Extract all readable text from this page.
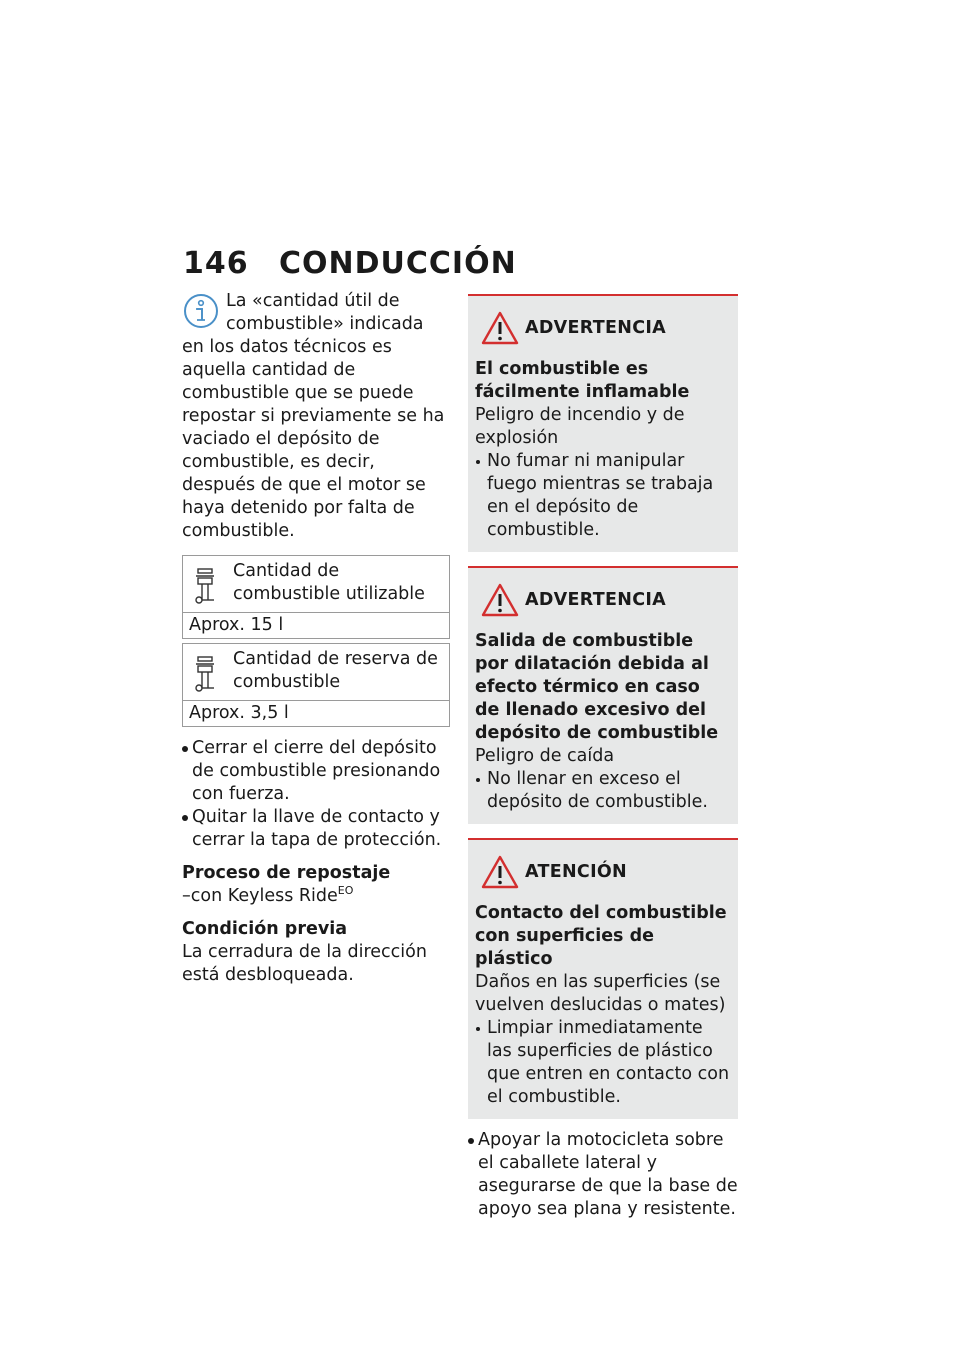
146	CONDUCCIÓN

La «cantidad útil de combustible» indicada en los datos técnicos es aquella cantidad de combustible que se puede repostar si previamente se ha vaciado el depósito de combustible, es decir, después de que el motor se haya detenido por falta de combustible.

Cantidad de combustible utilizable
Aprox. 15 l
Cantidad de reserva de combustible
Aprox. 3,5 l
Cerrar el cierre del depósito de combustible presionando con fuerza.
Quitar la llave de contacto y cerrar la tapa de protección.

Proceso de repostaje

–con Keyless Ride$^{EO}$

Condición previa

La cerradura de la dirección está desbloqueada.

ADVERTENCIA

El combustible es fácilmente inflamable

Peligro de incendio y de explosión

No fumar ni manipular fuego mientras se trabaja en el depósito de combustible.
ADVERTENCIA

Salida de combustible por dilatación debida al efecto térmico en caso de llenado excesivo del depósito de combustible

Peligro de caída

No llenar en exceso el depósito de combustible.
ATENCIÓN

Contacto del combustible con superficies de plástico

Daños en las superficies (se vuelven deslucidas o mates)

Limpiar inmediatamente las superficies de plástico que entren en contacto con el combustible.
Apoyar la motocicleta sobre el caballete lateral y asegurarse de que la base de apoyo sea plana y resistente.
